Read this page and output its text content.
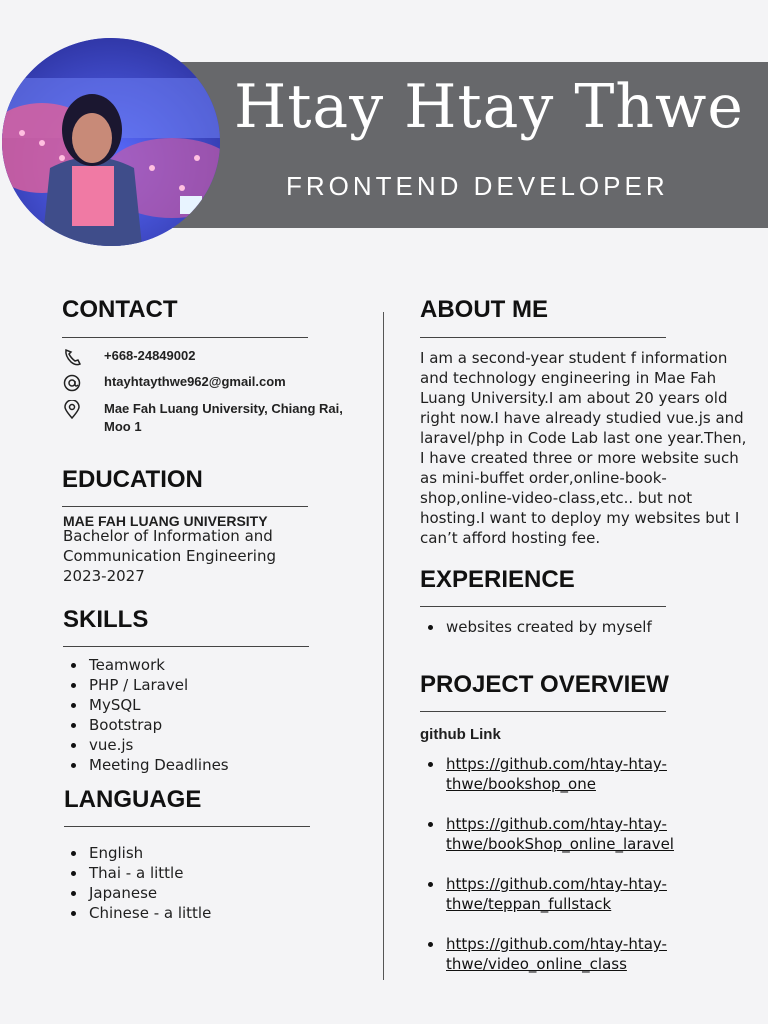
Htay Htay Thwe
FRONTEND DEVELOPER
CONTACT
+668-24849002
htayhtaythwe962@gmail.com
Mae Fah Luang University, Chiang Rai, Moo 1
EDUCATION
MAE FAH LUANG UNIVERSITY
Bachelor of Information and Communication Engineering
2023-2027
SKILLS
Teamwork
PHP / Laravel
MySQL
Bootstrap
vue.js
Meeting Deadlines
LANGUAGE
English
Thai - a little
Japanese
Chinese - a little
ABOUT ME
I am a second-year student f information and technology engineering in Mae Fah Luang University.I am about 20 years old right now.I have already studied vue.js and laravel/php in Code Lab last one year.Then, I have created three or more website such as mini-buffet order,online-book-shop,online-video-class,etc.. but not hosting.I want to deploy my websites but I can’t afford hosting fee.
EXPERIENCE
websites created by myself
PROJECT OVERVIEW
github Link
https://github.com/htay-htay-thwe/bookshop_one
https://github.com/htay-htay-thwe/bookShop_online_laravel
https://github.com/htay-htay-thwe/teppan_fullstack
https://github.com/htay-htay-thwe/video_online_class
